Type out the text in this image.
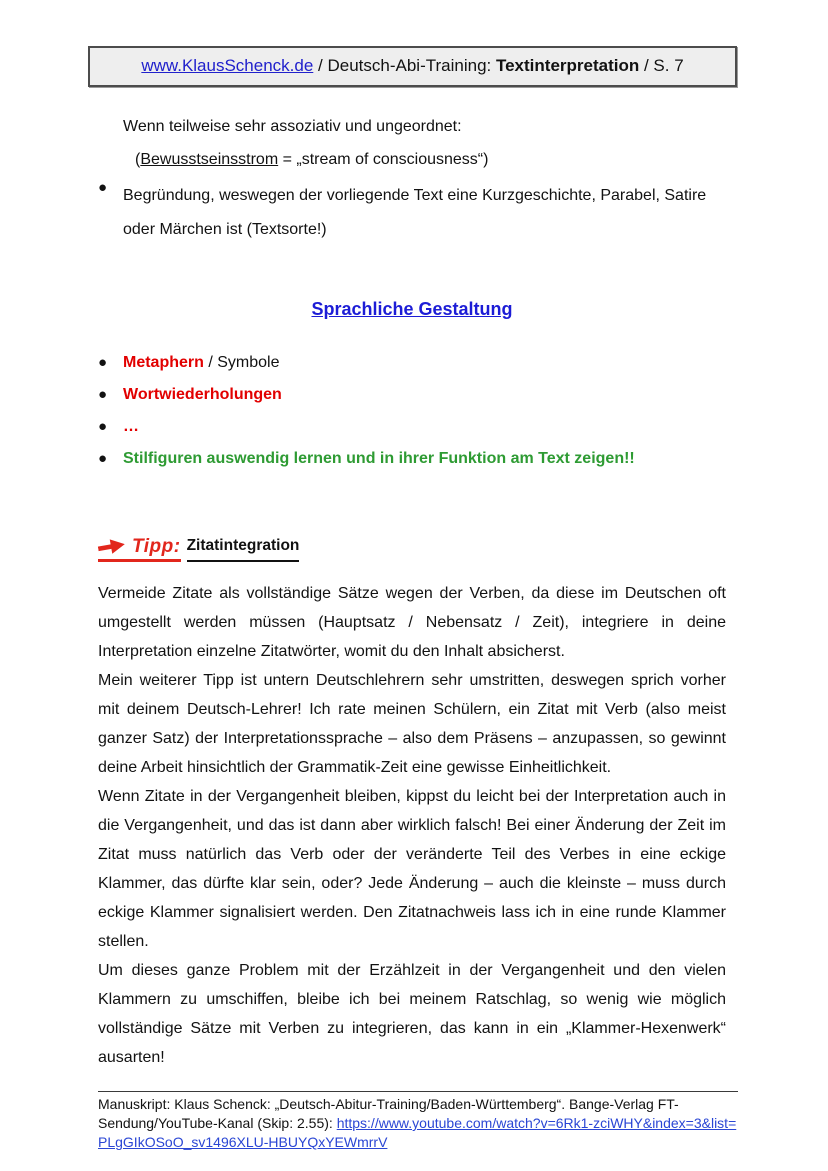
www.KlausSchenck.de / Deutsch-Abi-Training: Textinterpretation / S. 7
Wenn teilweise sehr assoziativ und ungeordnet:
(Bewusstseinsstrom = „stream of consciousness“)
● Begründung, weswegen der vorliegende Text eine Kurzgeschichte, Parabel, Satire oder Märchen ist (Textsorte!)
Sprachliche Gestaltung
● Metaphern / Symbole
● Wortwiederholungen
● …
● Stilfiguren auswendig lernen und in ihrer Funktion am Text zeigen!!
Tipp: Zitatintegration

Vermeide Zitate als vollständige Sätze wegen der Verben, da diese im Deutschen oft umgestellt werden müssen (Hauptsatz / Nebensatz / Zeit), integriere in deine Interpretation einzelne Zitatwörter, womit du den Inhalt absicherst.

Mein weiterer Tipp ist untern Deutschlehrern sehr umstritten, deswegen sprich vorher mit deinem Deutsch-Lehrer! Ich rate meinen Schülern, ein Zitat mit Verb (also meist ganzer Satz) der Interpretationssprache – also dem Präsens – anzupassen, so gewinnt deine Arbeit hinsichtlich der Grammatik-Zeit eine gewisse Einheitlichkeit.

Wenn Zitate in der Vergangenheit bleiben, kippst du leicht bei der Interpretation auch in die Vergangenheit, und das ist dann aber wirklich falsch! Bei einer Änderung der Zeit im Zitat muss natürlich das Verb oder der veränderte Teil des Verbes in eine eckige Klammer, das dürfte klar sein, oder? Jede Änderung – auch die kleinste – muss durch eckige Klammer signalisiert werden. Den Zitatnachweis lass ich in eine runde Klammer stellen.

Um dieses ganze Problem mit der Erzählzeit in der Vergangenheit und den vielen Klammern zu umschiffen, bleibe ich bei meinem Ratschlag, so wenig wie möglich vollständige Sätze mit Verben zu integrieren, das kann in ein „Klammer-Hexenwerk“ ausarten!

Manuskript: Klaus Schenck: „Deutsch-Abitur-Training/Baden-Württemberg“. Bange-Verlag FT-Sendung/YouTube-Kanal (Skip: 2.55): https://www.youtube.com/watch?v=6Rk1-zciWHY&index=3&list=PLgGIkOSoO_sv1496XLU-HBUYQxYEWmrrV
